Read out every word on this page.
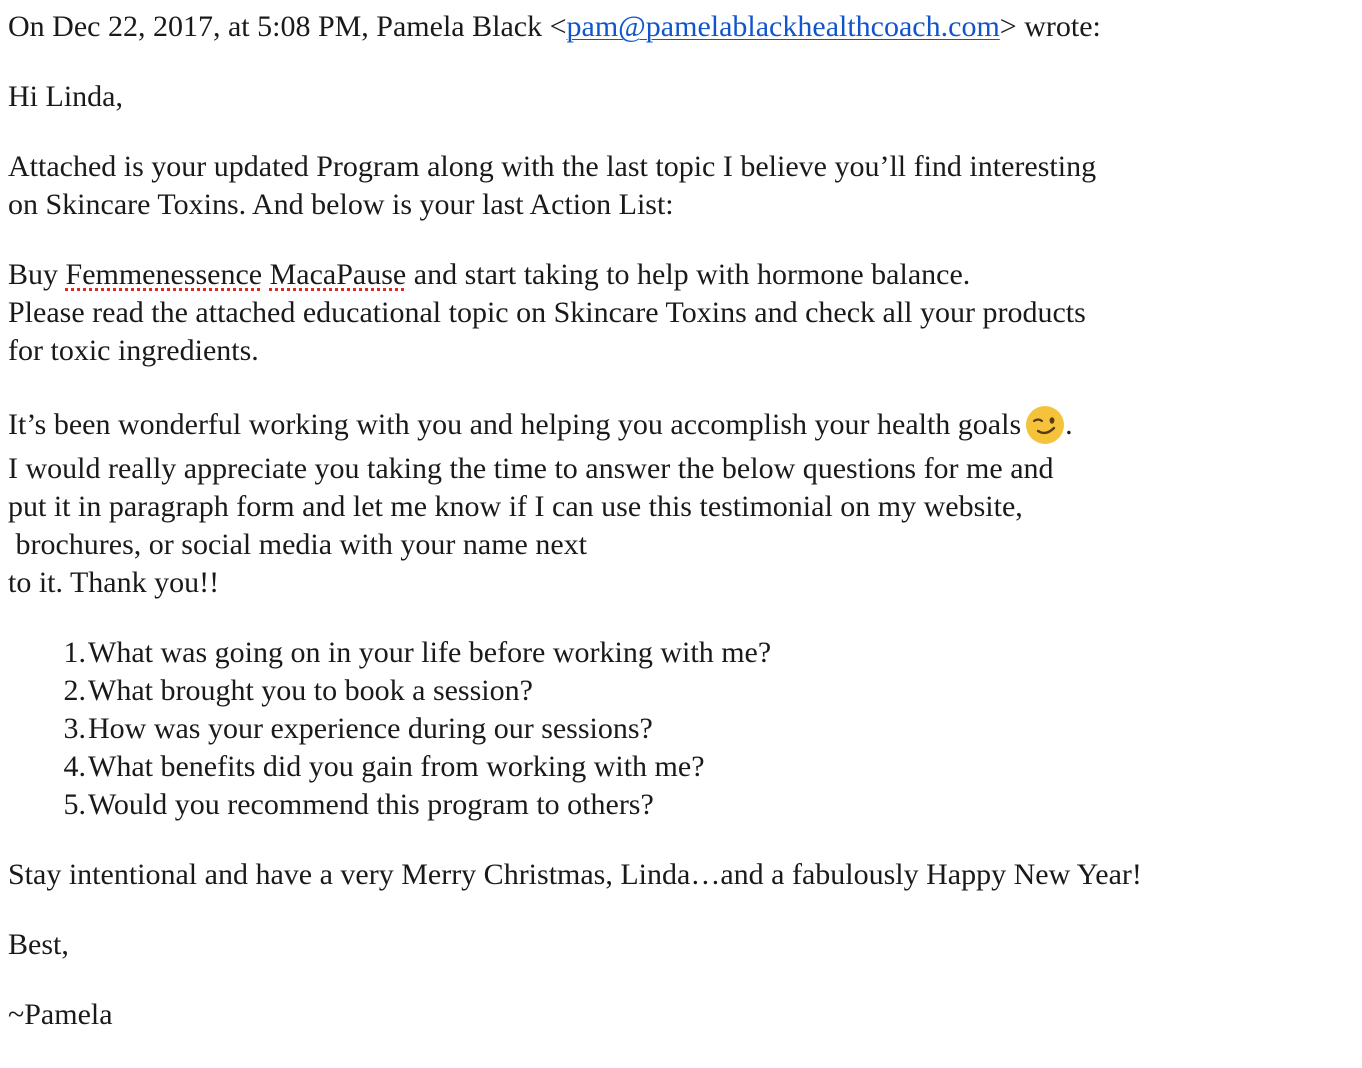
On Dec 22, 2017, at 5:08 PM, Pamela Black <pam@pamelablackhealthcoach.com> wrote:
Hi Linda,
Attached is your updated Program along with the last topic I believe you’ll find interesting
on Skincare Toxins. And below is your last Action List:
Buy Femmenessence MacaPause and start taking to help with hormone balance.
Please read the attached educational topic on Skincare Toxins and check all your products
for toxic ingredients.
It’s been wonderful working with you and helping you accomplish your health goals .
I would really appreciate you taking the time to answer the below questions for me and
put it in paragraph form and let me know if I can use this testimonial on my website,
brochures, or social media with your name next
to it. Thank you!!
1. What was going on in your life before working with me?
2. What brought you to book a session?
3. How was your experience during our sessions?
4. What benefits did you gain from working with me?
5. Would you recommend this program to others?
Stay intentional and have a very Merry Christmas, Linda…and a fabulously Happy New Year!
Best,
~Pamela
